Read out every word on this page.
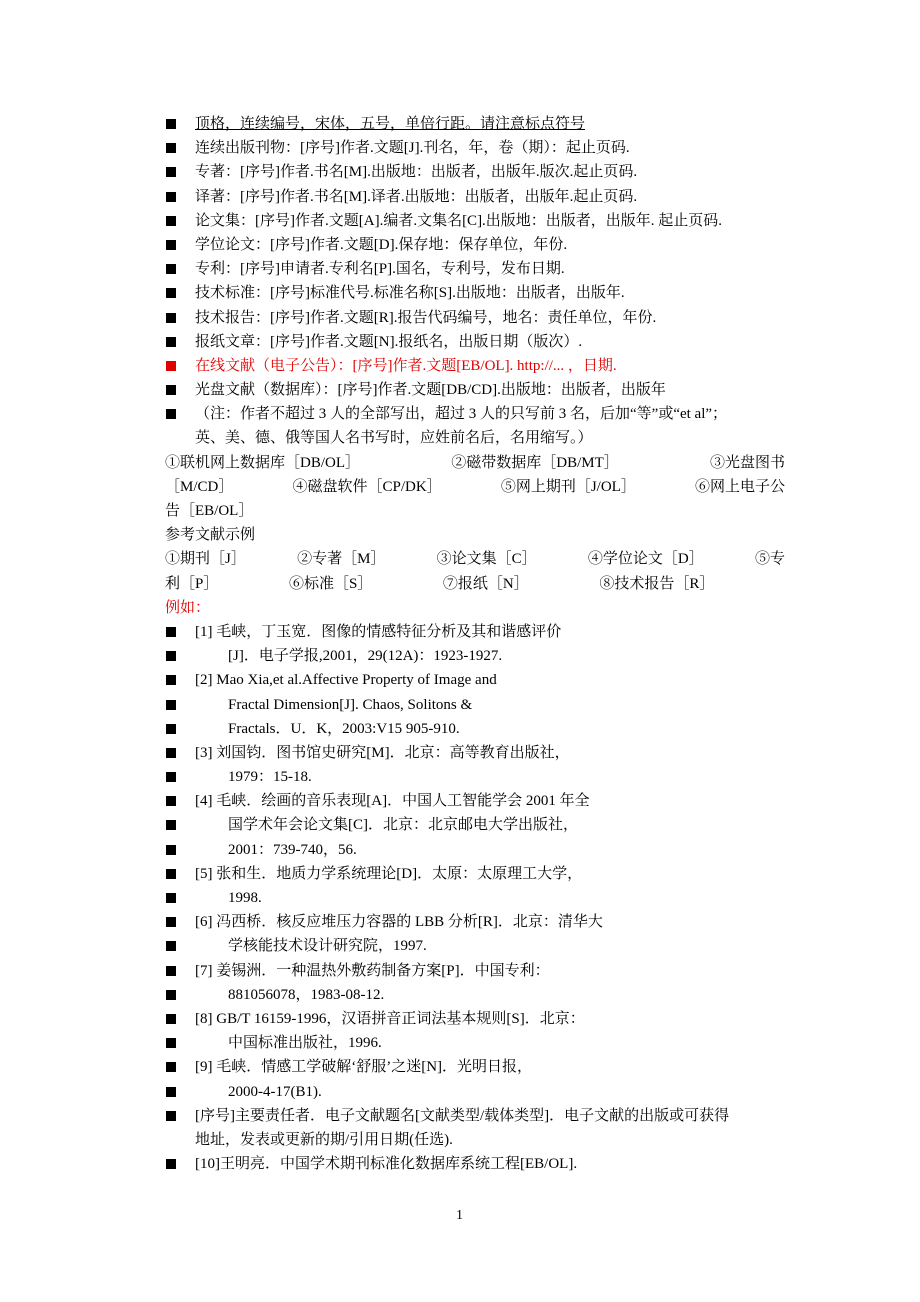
顶格，连续编号，宋体，五号，单倍行距。请注意标点符号
连续出版刊物：[序号]作者.文题[J].刊名，年，卷（期）：起止页码.
专著：[序号]作者.书名[M].出版地：出版者，出版年.版次.起止页码.
译著：[序号]作者.书名[M].译者.出版地：出版者，出版年.起止页码.
论文集：[序号]作者.文题[A].编者.文集名[C].出版地：出版者，出版年. 起止页码.
学位论文：[序号]作者.文题[D].保存地：保存单位，年份.
专利：[序号]申请者.专利名[P].国名，专利号，发布日期.
技术标准：[序号]标准代号.标准名称[S].出版地：出版者，出版年.
技术报告：[序号]作者.文题[R].报告代码编号，地名：责任单位，年份.
报纸文章：[序号]作者.文题[N].报纸名，出版日期（版次）.
在线文献（电子公告）：[序号]作者.文题[EB/OL]. http://... ，日期.
光盘文献（数据库）：[序号]作者.文题[DB/CD].出版地：出版者，出版年
（注：作者不超过 3 人的全部写出，超过 3 人的只写前 3 名，后加“等”或“et al”；
英、美、德、俄等国人名书写时，应姓前名后，名用缩写。）
①联机网上数据库［DB/OL］	②磁带数据库［DB/MT］	③光盘图书
［M/CD］	④磁盘软件［CP/DK］	⑤网上期刊［J/OL］	⑥网上电子公
告［EB/OL］
参考文献示例
①期刊［J］	②专著［M］	③论文集［C］	④学位论文［D］	⑤专
利［P］	⑥标准［S］	⑦报纸［N］	⑧技术报告［R］
例如：
[1] 毛峡，丁玉宽．图像的情感特征分析及其和谐感评价
[J]．电子学报,2001，29(12A)：1923-1927.
[2] Mao Xia,et al.Affective Property of Image and
Fractal Dimension[J]. Chaos, Solitons &
Fractals．U．K，2003:V15 905-910.
[3] 刘国钧．图书馆史研究[M]．北京：高等教育出版社，
1979：15-18.
[4] 毛峡．绘画的音乐表现[A]．中国人工智能学会 2001 年全
国学术年会论文集[C]．北京：北京邮电大学出版社，
2001：739-740，56.
[5] 张和生．地质力学系统理论[D]．太原：太原理工大学，
1998.
[6] 冯西桥．核反应堆压力容器的 LBB 分析[R]．北京：清华大
学核能技术设计研究院，1997.
[7] 姜锡洲．一种温热外敷药制备方案[P]．中国专利：
881056078，1983-08-12.
[8] GB/T 16159-1996，汉语拼音正词法基本规则[S]．北京：
中国标准出版社，1996.
[9] 毛峡．情感工学破解‘舒服’之迷[N]．光明日报，
2000-4-17(B1).
[序号]主要责任者．电子文献题名[文献类型/载体类型]．电子文献的出版或可获得
地址，发表或更新的期/引用日期(任选).
[10]王明亮．中国学术期刊标准化数据库系统工程[EB/OL].
1
